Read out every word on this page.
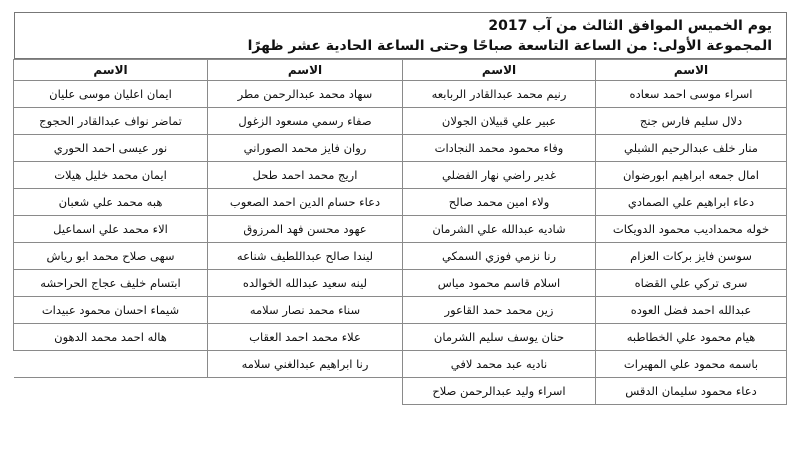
يوم الخميس الموافق الثالث من آب 2017
المجموعة الأولى: من الساعة التاسعة صباحًا وحتى الساعة الحادية عشر ظهرًا
الاسم	الاسم	الاسم	الاسم
اسراء موسى احمد سعاده	رنيم محمد عبدالقادر الربابعه	سهاد محمد عبدالرحمن مطر	ايمان اعليان موسى عليان
دلال سليم فارس جنج	عبير علي قبيلان الجولان	صفاء رسمي مسعود الزغول	تماضر نواف عبدالقادر الحجوج
منار خلف عبدالرحيم الشبلي	وفاء محمود محمد النجادات	روان فايز محمد الصوراني	نور عيسى احمد الحوري
امال جمعه ابراهيم ابورضوان	غدير راضي نهار الفضلي	اريج محمد احمد طحل	ايمان محمد خليل هيلات
دعاء ابراهيم علي الصمادي	ولاء امين محمد صالح	دعاء حسام الدين احمد الصعوب	هبه محمد علي شعبان
خوله محمداديب محمود الدويكات	شاديه عبدالله علي الشرمان	عهود محسن فهد المرزوق	الاء محمد علي اسماعيل
سوسن فايز بركات العزام	رنا نزمي فوزي السمكي	ليندا صالح عبداللطيف شناعه	سهى صلاح محمد ابو رياش
سرى تركي علي القضاه	اسلام قاسم محمود مياس	لينه سعيد عبدالله الخوالده	ابتسام خليف عجاج الحراحشه
عبدالله احمد فضل العوده	زين محمد حمد القاعور	سناء محمد نصار سلامه	شيماء احسان محمود عبيدات
هيام محمود علي الخطاطبه	حنان يوسف سليم الشرمان	علاء محمد احمد العقاب	هاله احمد محمد الدهون
باسمه محمود علي المهيرات	ناديه عبد محمد لافي	رنا ابراهيم عبدالغني سلامه	
دعاء محمود سليمان الدقس	اسراء وليد عبدالرحمن صلاح		
